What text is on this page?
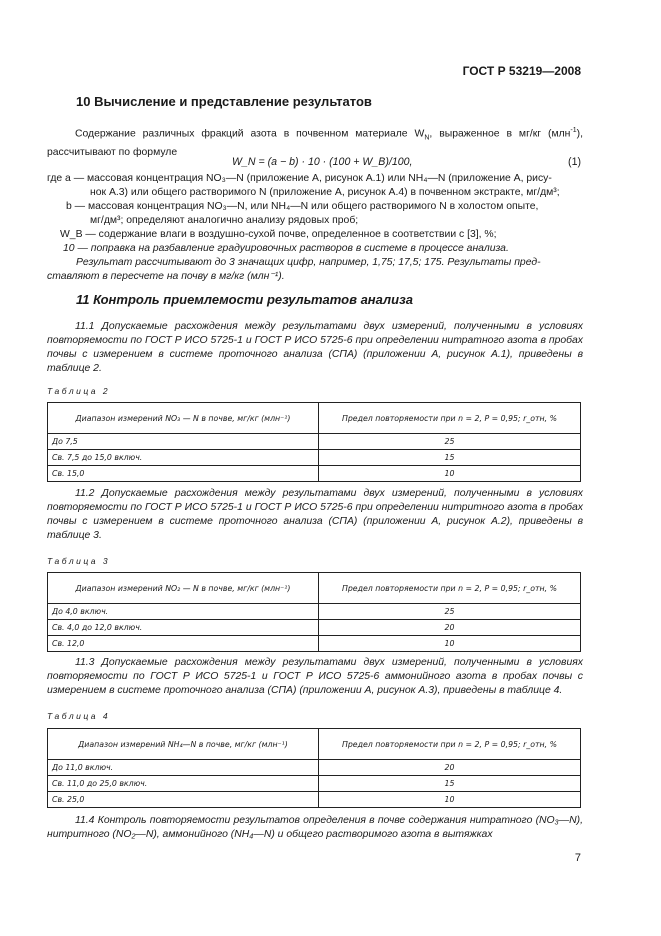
ГОСТ Р 53219—2008
10 Вычисление и представление результатов
Содержание различных фракций азота в почвенном материале $W_N$, выраженное в мг/кг (млн$^{-1}$), рассчитывают по формуле
W_N = (a − b) · 10 · (100 + W_B)/100,	(1)
где a — массовая концентрация NO₃—N (приложение А, рисунок А.1) или NH₄—N (приложение А, рису-
нок А.3) или общего растворимого N (приложение А, рисунок А.4) в почвенном экстракте, мг/дм³;
b — массовая концентрация NO₃—N, или NH₄—N или общего растворимого N в холостом опыте,
мг/дм³; определяют аналогично анализу рядовых проб;
W_B — содержание влаги в воздушно-сухой почве, определенное в соответствии с [3], %;
10 — поправка на разбавление градуировочных растворов в системе в процессе анализа.
Результат рассчитывают до 3 значащих цифр, например, 1,75; 17,5; 175. Результаты пред-
ставляют в пересчете на почву в мг/кг (млн⁻¹).
11 Контроль приемлемости результатов анализа
11.1 Допускаемые расхождения между результатами двух измерений, полученными в условиях повторяемости по ГОСТ Р ИСО 5725-1 и ГОСТ Р ИСО 5725-6 при определении нитратного азота в пробах почвы с измерением в системе проточного анализа (СПА) (приложении А, рисунок А.1), приведены в таблице 2.
Таблица 2
Диапазон измерений NO₃ — N в почве, мг/кг (млн⁻¹)	Предел повторяемости при n = 2, P = 0,95; r_отн, %
До 7,5	25
Св. 7,5 до 15,0 включ.	15
Св. 15,0	10
11.2 Допускаемые расхождения между результатами двух измерений, полученными в условиях повторяемости по ГОСТ Р ИСО 5725-1 и ГОСТ Р ИСО 5725-6 при определении нитритного азота в пробах почвы с измерением в системе проточного анализа (СПА) (приложении А, рисунок А.2), приведены в таблице 3.
Таблица 3
Диапазон измерений NO₂ — N в почве, мг/кг (млн⁻¹)	Предел повторяемости при n = 2, P = 0,95; r_отн, %
До 4,0 включ.	25
Св. 4,0 до 12,0 включ.	20
Св. 12,0	10
11.3 Допускаемые расхождения между результатами двух измерений, полученными в условиях повторяемости по ГОСТ Р ИСО 5725-1 и ГОСТ Р ИСО 5725-6 аммонийного азота в пробах почвы с измерением в системе проточного анализа (СПА) (приложении А, рисунок А.3), приведены в таблице 4.
Таблица 4
Диапазон измерений NH₄—N в почве, мг/кг (млн⁻¹)	Предел повторяемости при n = 2, P = 0,95; r_отн, %
До 11,0 включ.	20
Св. 11,0 до 25,0 включ.	15
Св. 25,0	10
11.4 Контроль повторяемости результатов определения в почве содержания нитратного (NO₃—N), нитритного (NO₂—N), аммонийного (NH₄—N) и общего растворимого азота в вытяжках
7
